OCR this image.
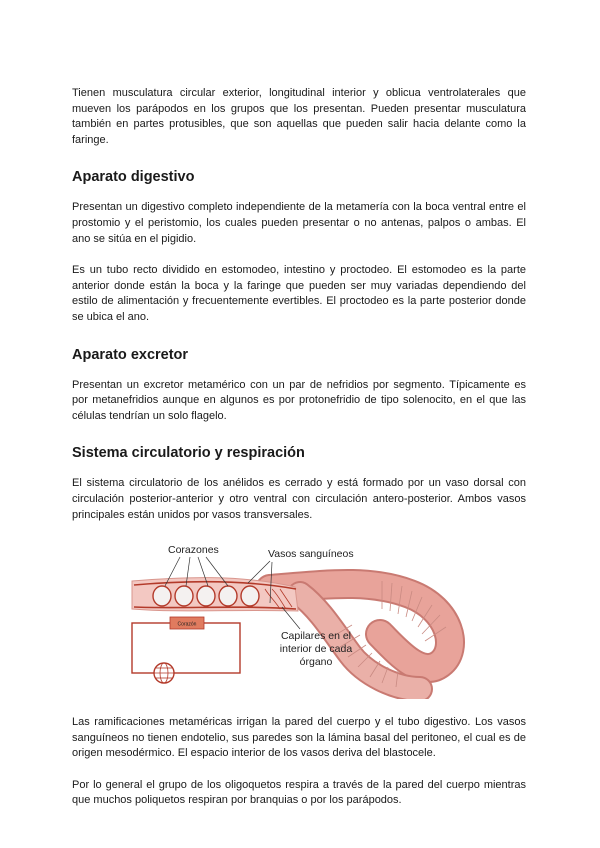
Tienen musculatura circular exterior, longitudinal interior y oblicua ventrolaterales que mueven los parápodos en los grupos que los presentan. Pueden presentar musculatura también en partes protusibles, que son aquellas que pueden salir hacia delante como la faringe.

Aparato digestivo

Presentan un digestivo completo independiente de la metamería con la boca ventral entre el prostomio y el peristomio, los cuales pueden presentar o no antenas, palpos o ambas. El ano se sitúa en el pigidio.

Es un tubo recto dividido en estomodeo, intestino y proctodeo. El estomodeo es la parte anterior donde están la boca y la faringe que pueden ser muy variadas dependiendo del estilo de alimentación y frecuentemente evertibles. El proctodeo es la parte posterior donde se ubica el ano.

Aparato excretor

Presentan un excretor metamérico con un par de nefridios por segmento. Típicamente es por metanefridios aunque en algunos es por protonefridio de tipo solenocito, en el que las células tendrían un solo flagelo.

Sistema circulatorio y respiración

El sistema circulatorio de los anélidos es cerrado y está formado por un vaso dorsal con circulación posterior-anterior y otro ventral con circulación antero-posterior. Ambos vasos principales están unidos por vasos transversales.

Corazones	Vasos sanguíneos
Corazón
Capilares en el
interior de cada
órgano

Las ramificaciones metaméricas irrigan la pared del cuerpo y el tubo digestivo. Los vasos sanguíneos no tienen endotelio, sus paredes son la lámina basal del peritoneo, el cual es de origen mesodérmico. El espacio interior de los vasos deriva del blastocele.

Por lo general el grupo de los oligoquetos respira a través de la pared del cuerpo mientras que muchos poliquetos respiran por branquias o por los parápodos.
